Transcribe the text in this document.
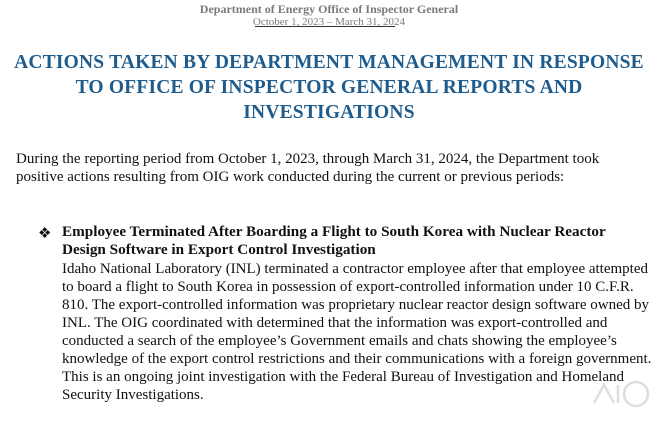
Department of Energy Office of Inspector General
October 1, 2023 – March 31, 2024
ACTIONS TAKEN BY DEPARTMENT MANAGEMENT IN RESPONSE TO OFFICE OF INSPECTOR GENERAL REPORTS AND INVESTIGATIONS
During the reporting period from October 1, 2023, through March 31, 2024, the Department took positive actions resulting from OIG work conducted during the current or previous periods:
❖ Employee Terminated After Boarding a Flight to South Korea with Nuclear Reactor Design Software in Export Control Investigation
Idaho National Laboratory (INL) terminated a contractor employee after that employee attempted to board a flight to South Korea in possession of export-controlled information under 10 C.F.R. 810. The export-controlled information was proprietary nuclear reactor design software owned by INL. The OIG coordinated with determined that the information was export-controlled and conducted a search of the employee’s Government emails and chats showing the employee’s knowledge of the export control restrictions and their communications with a foreign government. This is an ongoing joint investigation with the Federal Bureau of Investigation and Homeland Security Investigations.
